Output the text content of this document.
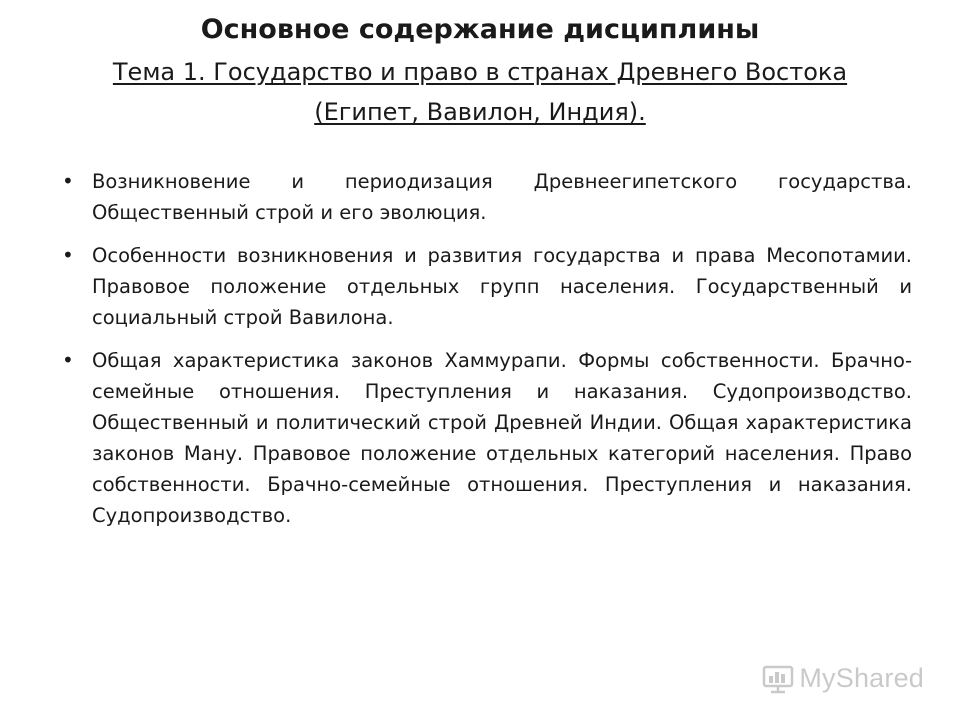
Основное содержание дисциплины
Тема 1. Государство и право в странах Древнего Востока (Египет, Вавилон, Индия).
• Возникновение и периодизация Древнеегипетского государства. Общественный строй и его эволюция.
• Особенности возникновения и развития государства и права Месопотамии. Правовое положение отдельных групп населения. Государственный и социальный строй Вавилона.
• Общая характеристика законов Хаммурапи. Формы собственности. Брачно-семейные отношения. Преступления и наказания. Судопроизводство. Общественный и политический строй Древней Индии. Общая характеристика законов Ману. Правовое положение отдельных категорий населения. Право собственности. Брачно-семейные отношения. Преступления и наказания. Судопроизводство.
MyShared
